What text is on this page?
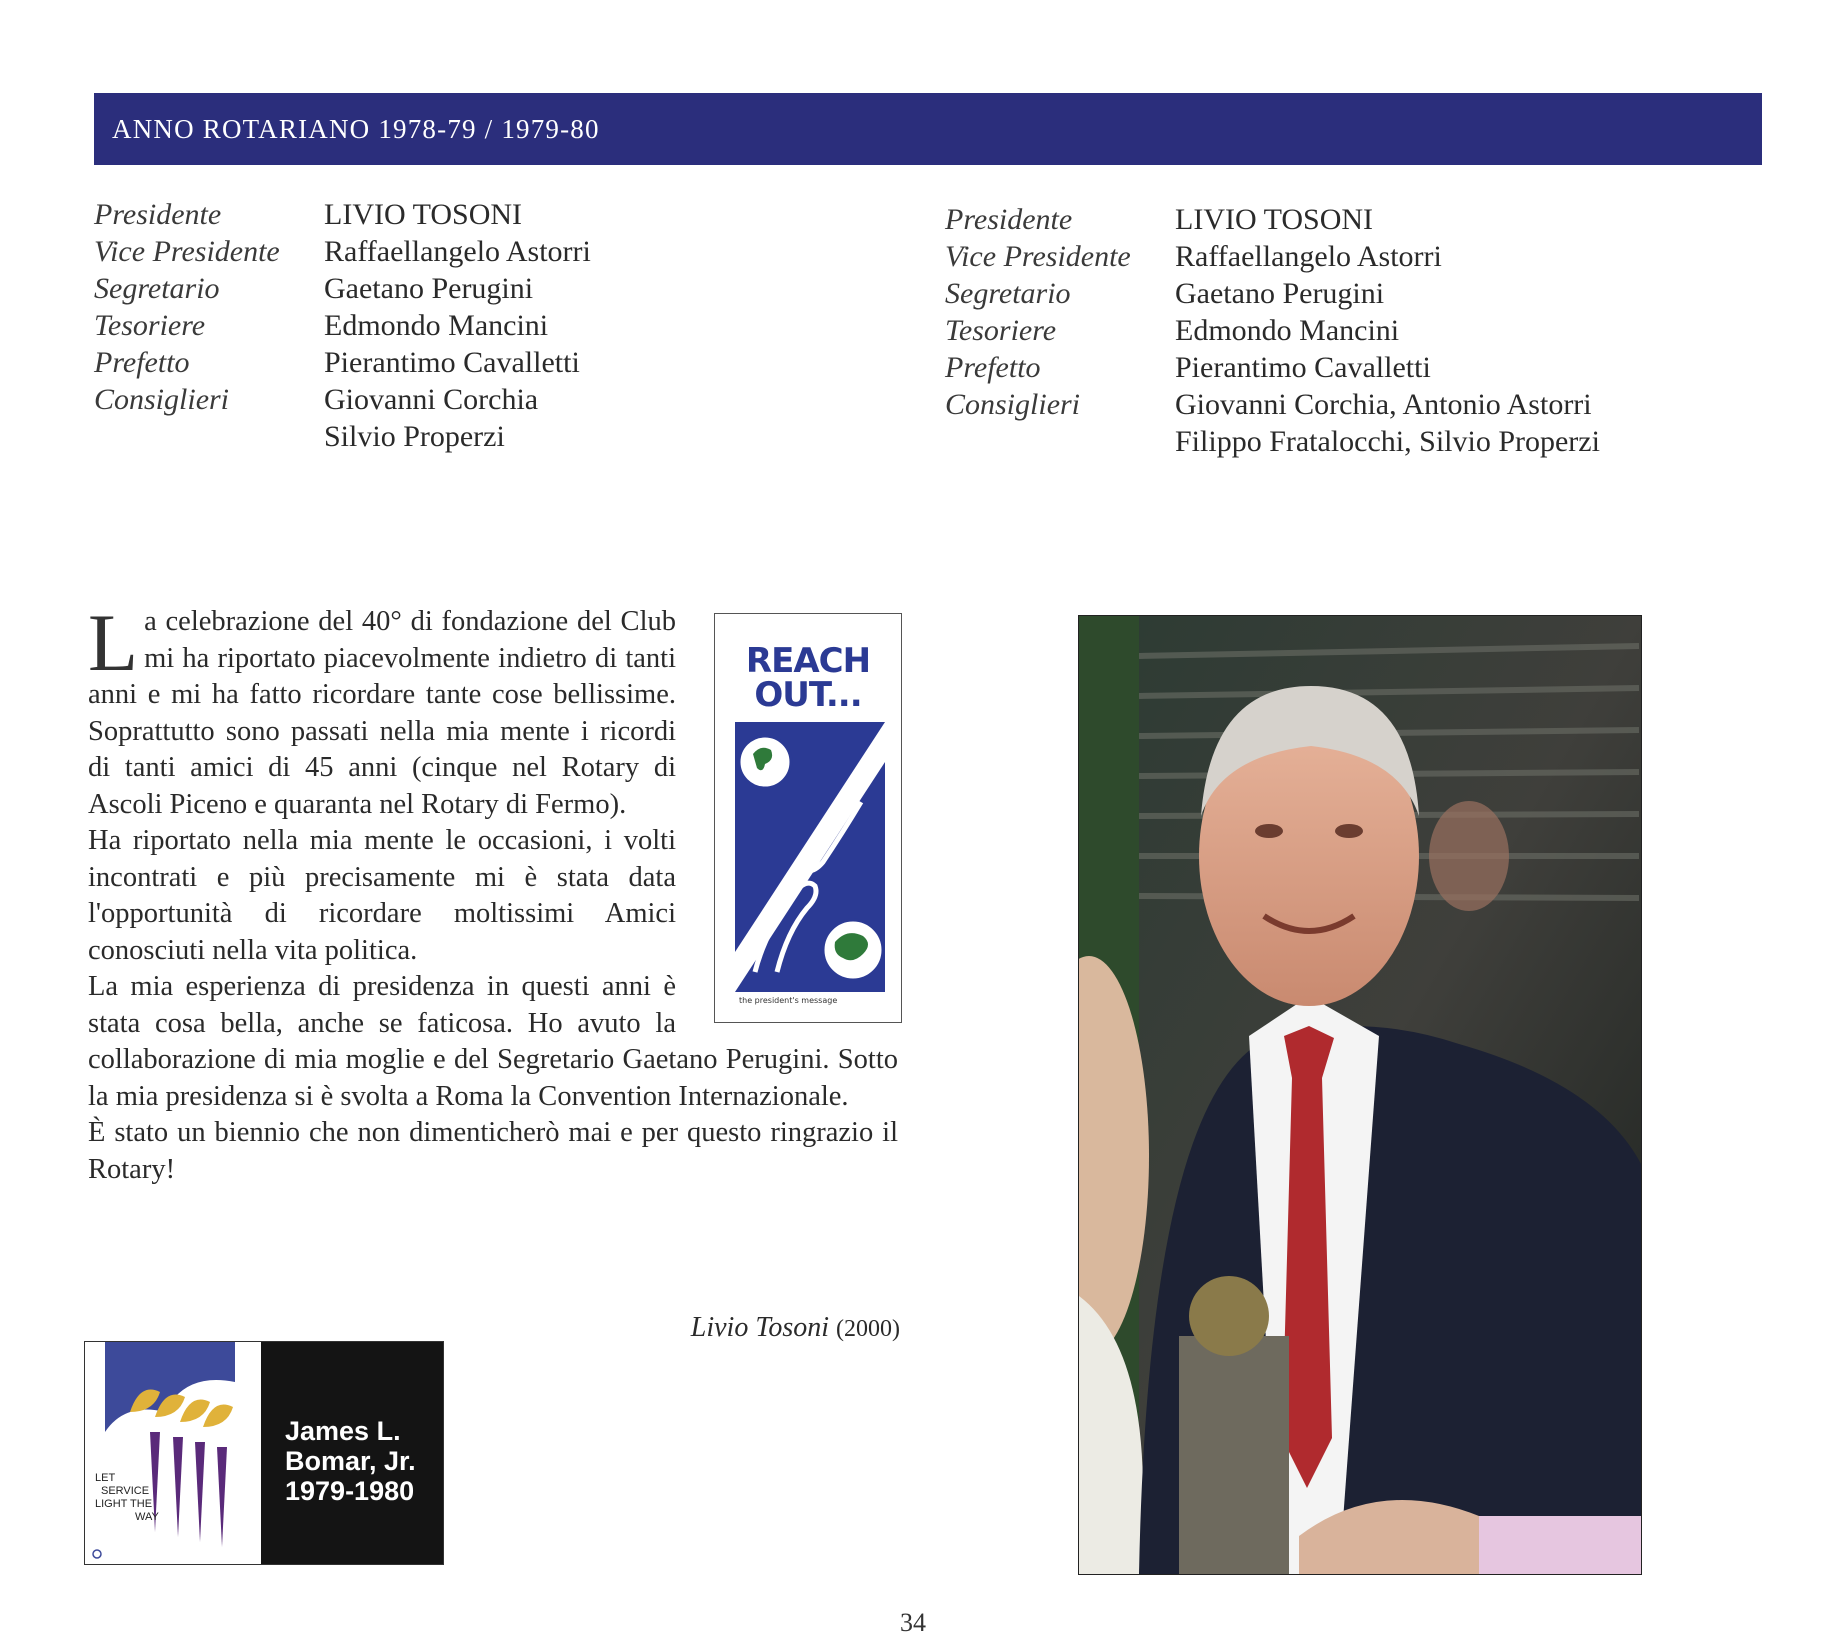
ANNO ROTARIANO 1978-79 / 1979-80
Presidente	LIVIO TOSONI
Vice Presidente	Raffaellangelo Astorri
Segretario	Gaetano Perugini
Tesoriere	Edmondo Mancini
Prefetto	Pierantimo Cavalletti
Consiglieri	Giovanni Corchia
Silvio Properzi
Presidente	LIVIO TOSONI
Vice Presidente	Raffaellangelo Astorri
Segretario	Gaetano Perugini
Tesoriere	Edmondo Mancini
Prefetto	Pierantimo Cavalletti
Consiglieri	Giovanni Corchia, Antonio Astorri
Filippo Fratalocchi, Silvio Properzi
L a celebrazione del 40° di fondazione del Club mi ha riportato piacevolmente indietro di tanti anni e mi ha fatto ricordare tante cose bellissime. Soprattutto sono passati nella mia mente i ricordi di tanti amici di 45 anni (cinque nel Rotary di Ascoli Piceno e quaranta nel Rotary di Fermo).

Ha riportato nella mia mente le occasioni, i volti incontrati e più precisamente mi è stata data l'opportunità di ricordare moltissimi Amici conosciuti nella vita politica.

La mia esperienza di presidenza in questi anni è stata cosa bella, anche se faticosa. Ho avuto la collaborazione di mia moglie e del Segretario Gaetano Perugini. Sotto la mia presidenza si è svolta a Roma la Convention Internazionale.

È stato un biennio che non dimenticherò mai e per questo ringrazio il Rotary!

Livio Tosoni (2000)
REACH
OUT...
the president's message
LET
SERVICE
LIGHT THE
WAY
James L.
Bomar, Jr.
1979-1980
34
